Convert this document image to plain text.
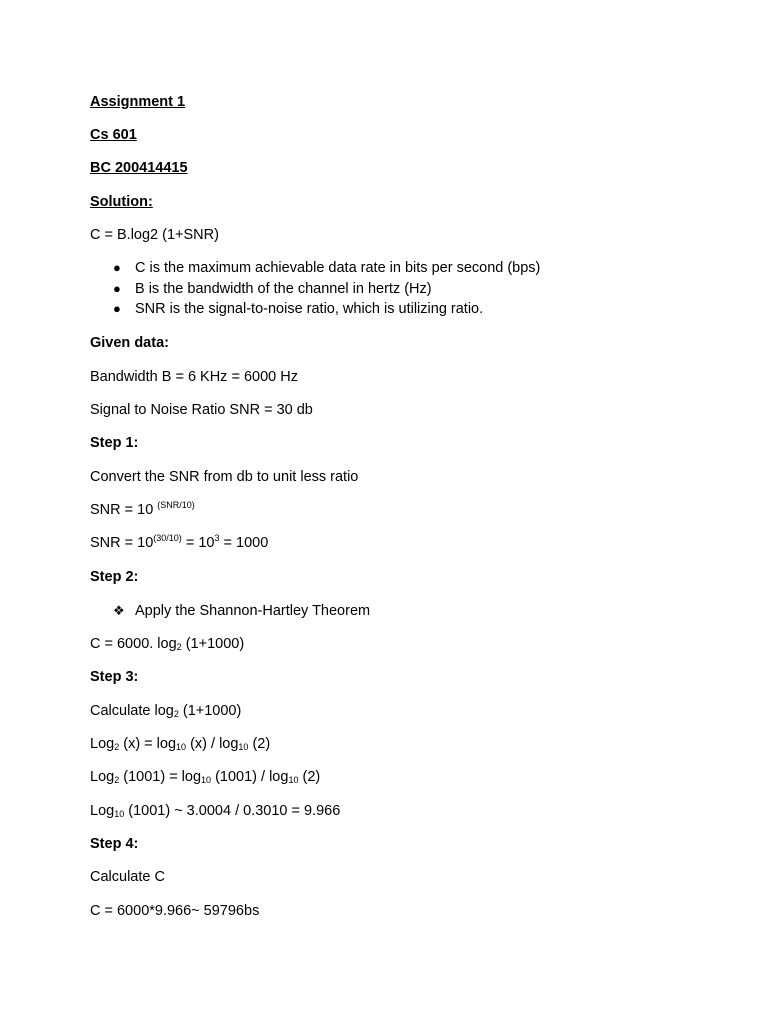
Assignment 1
Cs 601
BC 200414415
Solution:
C = B.log2 (1+SNR)
● C is the maximum achievable data rate in bits per second (bps)
● B is the bandwidth of the channel in hertz (Hz)
● SNR is the signal-to-noise ratio, which is utilizing ratio.
Given data:
Bandwidth B = 6 KHz = 6000 Hz
Signal to Noise Ratio SNR = 30 db
Step 1:
Convert the SNR from db to unit less ratio
SNR = 10 $^{(SNR/10)}$
SNR = $10^{(30/10)} = 10^3 = 1000$
Step 2:
❖ Apply the Shannon-Hartley Theorem
C = 6000. $\log_2 (1+1000)$
Step 3:
Calculate $\log_2 (1+1000)$
Log$_2$ $(x) = \log_{10} (x) / \log_{10} (2)$
Log$_2$ $(1001) = \log_{10} (1001) / \log_{10} (2)$
Log$_{10}$ (1001) ~ 3.0004 / 0.3010 = 9.966
Step 4:
Calculate C
C = 6000*9.966~ 59796bs
